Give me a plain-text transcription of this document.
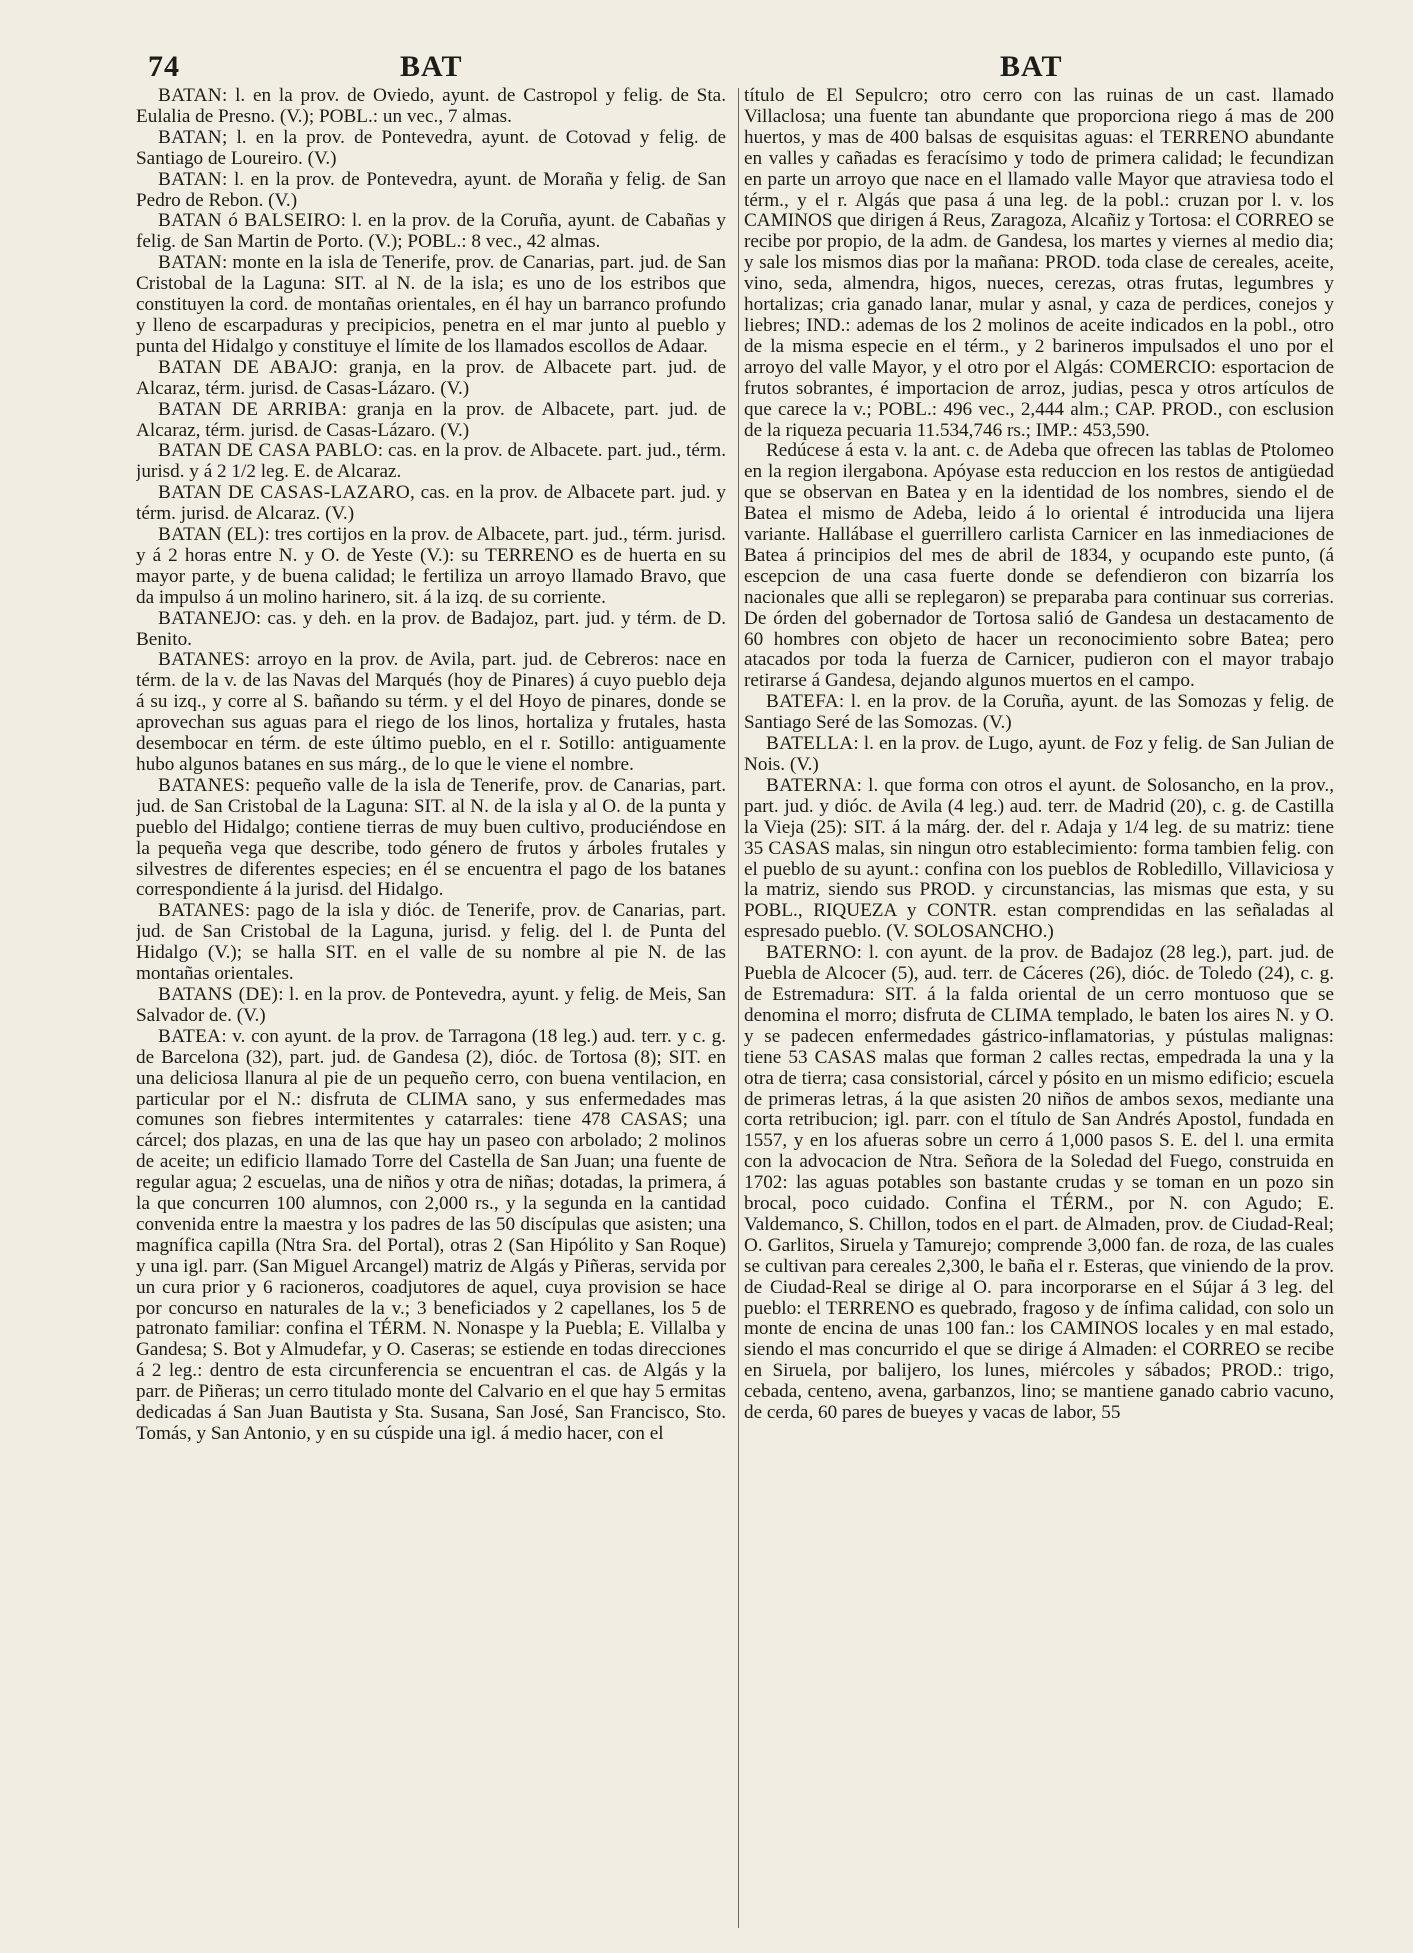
74	BAT	BAT

BATAN: l. en la prov. de Oviedo, ayunt. de Castropol y felig. de Sta. Eulalia de Presno. (V.); POBL.: un vec., 7 almas.

BATAN; l. en la prov. de Pontevedra, ayunt. de Cotovad y felig. de Santiago de Loureiro. (V.)

BATAN: l. en la prov. de Pontevedra, ayunt. de Moraña y felig. de San Pedro de Rebon. (V.)

BATAN ó BALSEIRO: l. en la prov. de la Coruña, ayunt. de Cabañas y felig. de San Martin de Porto. (V.); POBL.: 8 vec., 42 almas.

BATAN: monte en la isla de Tenerife, prov. de Canarias, part. jud. de San Cristobal de la Laguna: SIT. al N. de la isla; es uno de los estribos que constituyen la cord. de montañas orientales, en él hay un barranco profundo y lleno de escarpaduras y precipicios, penetra en el mar junto al pueblo y punta del Hidalgo y constituye el límite de los llamados escollos de Adaar.

BATAN DE ABAJO: granja, en la prov. de Albacete part. jud. de Alcaraz, térm. jurisd. de Casas-Lázaro. (V.)

BATAN DE ARRIBA: granja en la prov. de Albacete, part. jud. de Alcaraz, térm. jurisd. de Casas-Lázaro. (V.)

BATAN DE CASA PABLO: cas. en la prov. de Albacete. part. jud., térm. jurisd. y á 2 1/2 leg. E. de Alcaraz.

BATAN DE CASAS-LAZARO, cas. en la prov. de Albacete part. jud. y térm. jurisd. de Alcaraz. (V.)

BATAN (EL): tres cortijos en la prov. de Albacete, part. jud., térm. jurisd. y á 2 horas entre N. y O. de Yeste (V.): su TERRENO es de huerta en su mayor parte, y de buena calidad; le fertiliza un arroyo llamado Bravo, que da impulso á un molino harinero, sit. á la izq. de su corriente.

BATANEJO: cas. y deh. en la prov. de Badajoz, part. jud. y térm. de D. Benito.

BATANES: arroyo en la prov. de Avila, part. jud. de Cebreros: nace en térm. de la v. de las Navas del Marqués (hoy de Pinares) á cuyo pueblo deja á su izq., y corre al S. bañando su térm. y el del Hoyo de pinares, donde se aprovechan sus aguas para el riego de los linos, hortaliza y frutales, hasta desembocar en térm. de este último pueblo, en el r. Sotillo: antiguamente hubo algunos batanes en sus márg., de lo que le viene el nombre.

BATANES: pequeño valle de la isla de Tenerife, prov. de Canarias, part. jud. de San Cristobal de la Laguna: SIT. al N. de la isla y al O. de la punta y pueblo del Hidalgo; contiene tierras de muy buen cultivo, produciéndose en la pequeña vega que describe, todo género de frutos y árboles frutales y silvestres de diferentes especies; en él se encuentra el pago de los batanes correspondiente á la jurisd. del Hidalgo.

BATANES: pago de la isla y dióc. de Tenerife, prov. de Canarias, part. jud. de San Cristobal de la Laguna, jurisd. y felig. del l. de Punta del Hidalgo (V.); se halla SIT. en el valle de su nombre al pie N. de las montañas orientales.

BATANS (DE): l. en la prov. de Pontevedra, ayunt. y felig. de Meis, San Salvador de. (V.)

BATEA: v. con ayunt. de la prov. de Tarragona (18 leg.) aud. terr. y c. g. de Barcelona (32), part. jud. de Gandesa (2), dióc. de Tortosa (8); SIT. en una deliciosa llanura al pie de un pequeño cerro, con buena ventilacion, en particular por el N.: disfruta de CLIMA sano, y sus enfermedades mas comunes son fiebres intermitentes y catarrales: tiene 478 CASAS; una cárcel; dos plazas, en una de las que hay un paseo con arbolado; 2 molinos de aceite; un edificio llamado Torre del Castella de San Juan; una fuente de regular agua; 2 escuelas, una de niños y otra de niñas; dotadas, la primera, á la que concurren 100 alumnos, con 2,000 rs., y la segunda en la cantidad convenida entre la maestra y los padres de las 50 discípulas que asisten; una magnífica capilla (Ntra Sra. del Portal), otras 2 (San Hipólito y San Roque) y una igl. parr. (San Miguel Arcangel) matriz de Algás y Piñeras, servida por un cura prior y 6 racioneros, coadjutores de aquel, cuya provision se hace por concurso en naturales de la v.; 3 beneficiados y 2 capellanes, los 5 de patronato familiar: confina el TÉRM. N. Nonaspe y la Puebla; E. Villalba y Gandesa; S. Bot y Almudefar, y O. Caseras; se estiende en todas direcciones á 2 leg.: dentro de esta circunferencia se encuentran el cas. de Algás y la parr. de Piñeras; un cerro titulado monte del Calvario en el que hay 5 ermitas dedicadas á San Juan Bautista y Sta. Susana, San José, San Francisco, Sto. Tomás, y San Antonio, y en su cúspide una igl. á medio hacer, con el

título de El Sepulcro; otro cerro con las ruinas de un cast. llamado Villaclosa; una fuente tan abundante que proporciona riego á mas de 200 huertos, y mas de 400 balsas de esquisitas aguas: el TERRENO abundante en valles y cañadas es feracísimo y todo de primera calidad; le fecundizan en parte un arroyo que nace en el llamado valle Mayor que atraviesa todo el térm., y el r. Algás que pasa á una leg. de la pobl.: cruzan por l. v. los CAMINOS que dirigen á Reus, Zaragoza, Alcañiz y Tortosa: el CORREO se recibe por propio, de la adm. de Gandesa, los martes y viernes al medio dia; y sale los mismos dias por la mañana: PROD. toda clase de cereales, aceite, vino, seda, almendra, higos, nueces, cerezas, otras frutas, legumbres y hortalizas; cria ganado lanar, mular y asnal, y caza de perdices, conejos y liebres; IND.: ademas de los 2 molinos de aceite indicados en la pobl., otro de la misma especie en el térm., y 2 barineros impulsados el uno por el arroyo del valle Mayor, y el otro por el Algás: COMERCIO: esportacion de frutos sobrantes, é importacion de arroz, judias, pesca y otros artículos de que carece la v.; POBL.: 496 vec., 2,444 alm.; CAP. PROD., con esclusion de la riqueza pecuaria 11.534,746 rs.; IMP.: 453,590.

Redúcese á esta v. la ant. c. de Adeba que ofrecen las tablas de Ptolomeo en la region ilergabona. Apóyase esta reduccion en los restos de antigüedad que se observan en Batea y en la identidad de los nombres, siendo el de Batea el mismo de Adeba, leido á lo oriental é introducida una lijera variante. Hallábase el guerrillero carlista Carnicer en las inmediaciones de Batea á principios del mes de abril de 1834, y ocupando este punto, (á escepcion de una casa fuerte donde se defendieron con bizarría los nacionales que alli se replegaron) se preparaba para continuar sus correrias. De órden del gobernador de Tortosa salió de Gandesa un destacamento de 60 hombres con objeto de hacer un reconocimiento sobre Batea; pero atacados por toda la fuerza de Carnicer, pudieron con el mayor trabajo retirarse á Gandesa, dejando algunos muertos en el campo.

BATEFA: l. en la prov. de la Coruña, ayunt. de las Somozas y felig. de Santiago Seré de las Somozas. (V.)

BATELLA: l. en la prov. de Lugo, ayunt. de Foz y felig. de San Julian de Nois. (V.)

BATERNA: l. que forma con otros el ayunt. de Solosancho, en la prov., part. jud. y dióc. de Avila (4 leg.) aud. terr. de Madrid (20), c. g. de Castilla la Vieja (25): SIT. á la márg. der. del r. Adaja y 1/4 leg. de su matriz: tiene 35 CASAS malas, sin ningun otro establecimiento: forma tambien felig. con el pueblo de su ayunt.: confina con los pueblos de Robledillo, Villaviciosa y la matriz, siendo sus PROD. y circunstancias, las mismas que esta, y su POBL., RIQUEZA y CONTR. estan comprendidas en las señaladas al espresado pueblo. (V. SOLOSANCHO.)

BATERNO: l. con ayunt. de la prov. de Badajoz (28 leg.), part. jud. de Puebla de Alcocer (5), aud. terr. de Cáceres (26), dióc. de Toledo (24), c. g. de Estremadura: SIT. á la falda oriental de un cerro montuoso que se denomina el morro; disfruta de CLIMA templado, le baten los aires N. y O. y se padecen enfermedades gástrico-inflamatorias, y pústulas malignas: tiene 53 CASAS malas que forman 2 calles rectas, empedrada la una y la otra de tierra; casa consistorial, cárcel y pósito en un mismo edificio; escuela de primeras letras, á la que asisten 20 niños de ambos sexos, mediante una corta retribucion; igl. parr. con el título de San Andrés Apostol, fundada en 1557, y en los afueras sobre un cerro á 1,000 pasos S. E. del l. una ermita con la advocacion de Ntra. Señora de la Soledad del Fuego, construida en 1702: las aguas potables son bastante crudas y se toman en un pozo sin brocal, poco cuidado. Confina el TÉRM., por N. con Agudo; E. Valdemanco, S. Chillon, todos en el part. de Almaden, prov. de Ciudad-Real; O. Garlitos, Siruela y Tamurejo; comprende 3,000 fan. de roza, de las cuales se cultivan para cereales 2,300, le baña el r. Esteras, que viniendo de la prov. de Ciudad-Real se dirige al O. para incorporarse en el Sújar á 3 leg. del pueblo: el TERRENO es quebrado, fragoso y de ínfima calidad, con solo un monte de encina de unas 100 fan.: los CAMINOS locales y en mal estado, siendo el mas concurrido el que se dirige á Almaden: el CORREO se recibe en Siruela, por balijero, los lunes, miércoles y sábados; PROD.: trigo, cebada, centeno, avena, garbanzos, lino; se mantiene ganado cabrio vacuno, de cerda, 60 pares de bueyes y vacas de labor, 55
